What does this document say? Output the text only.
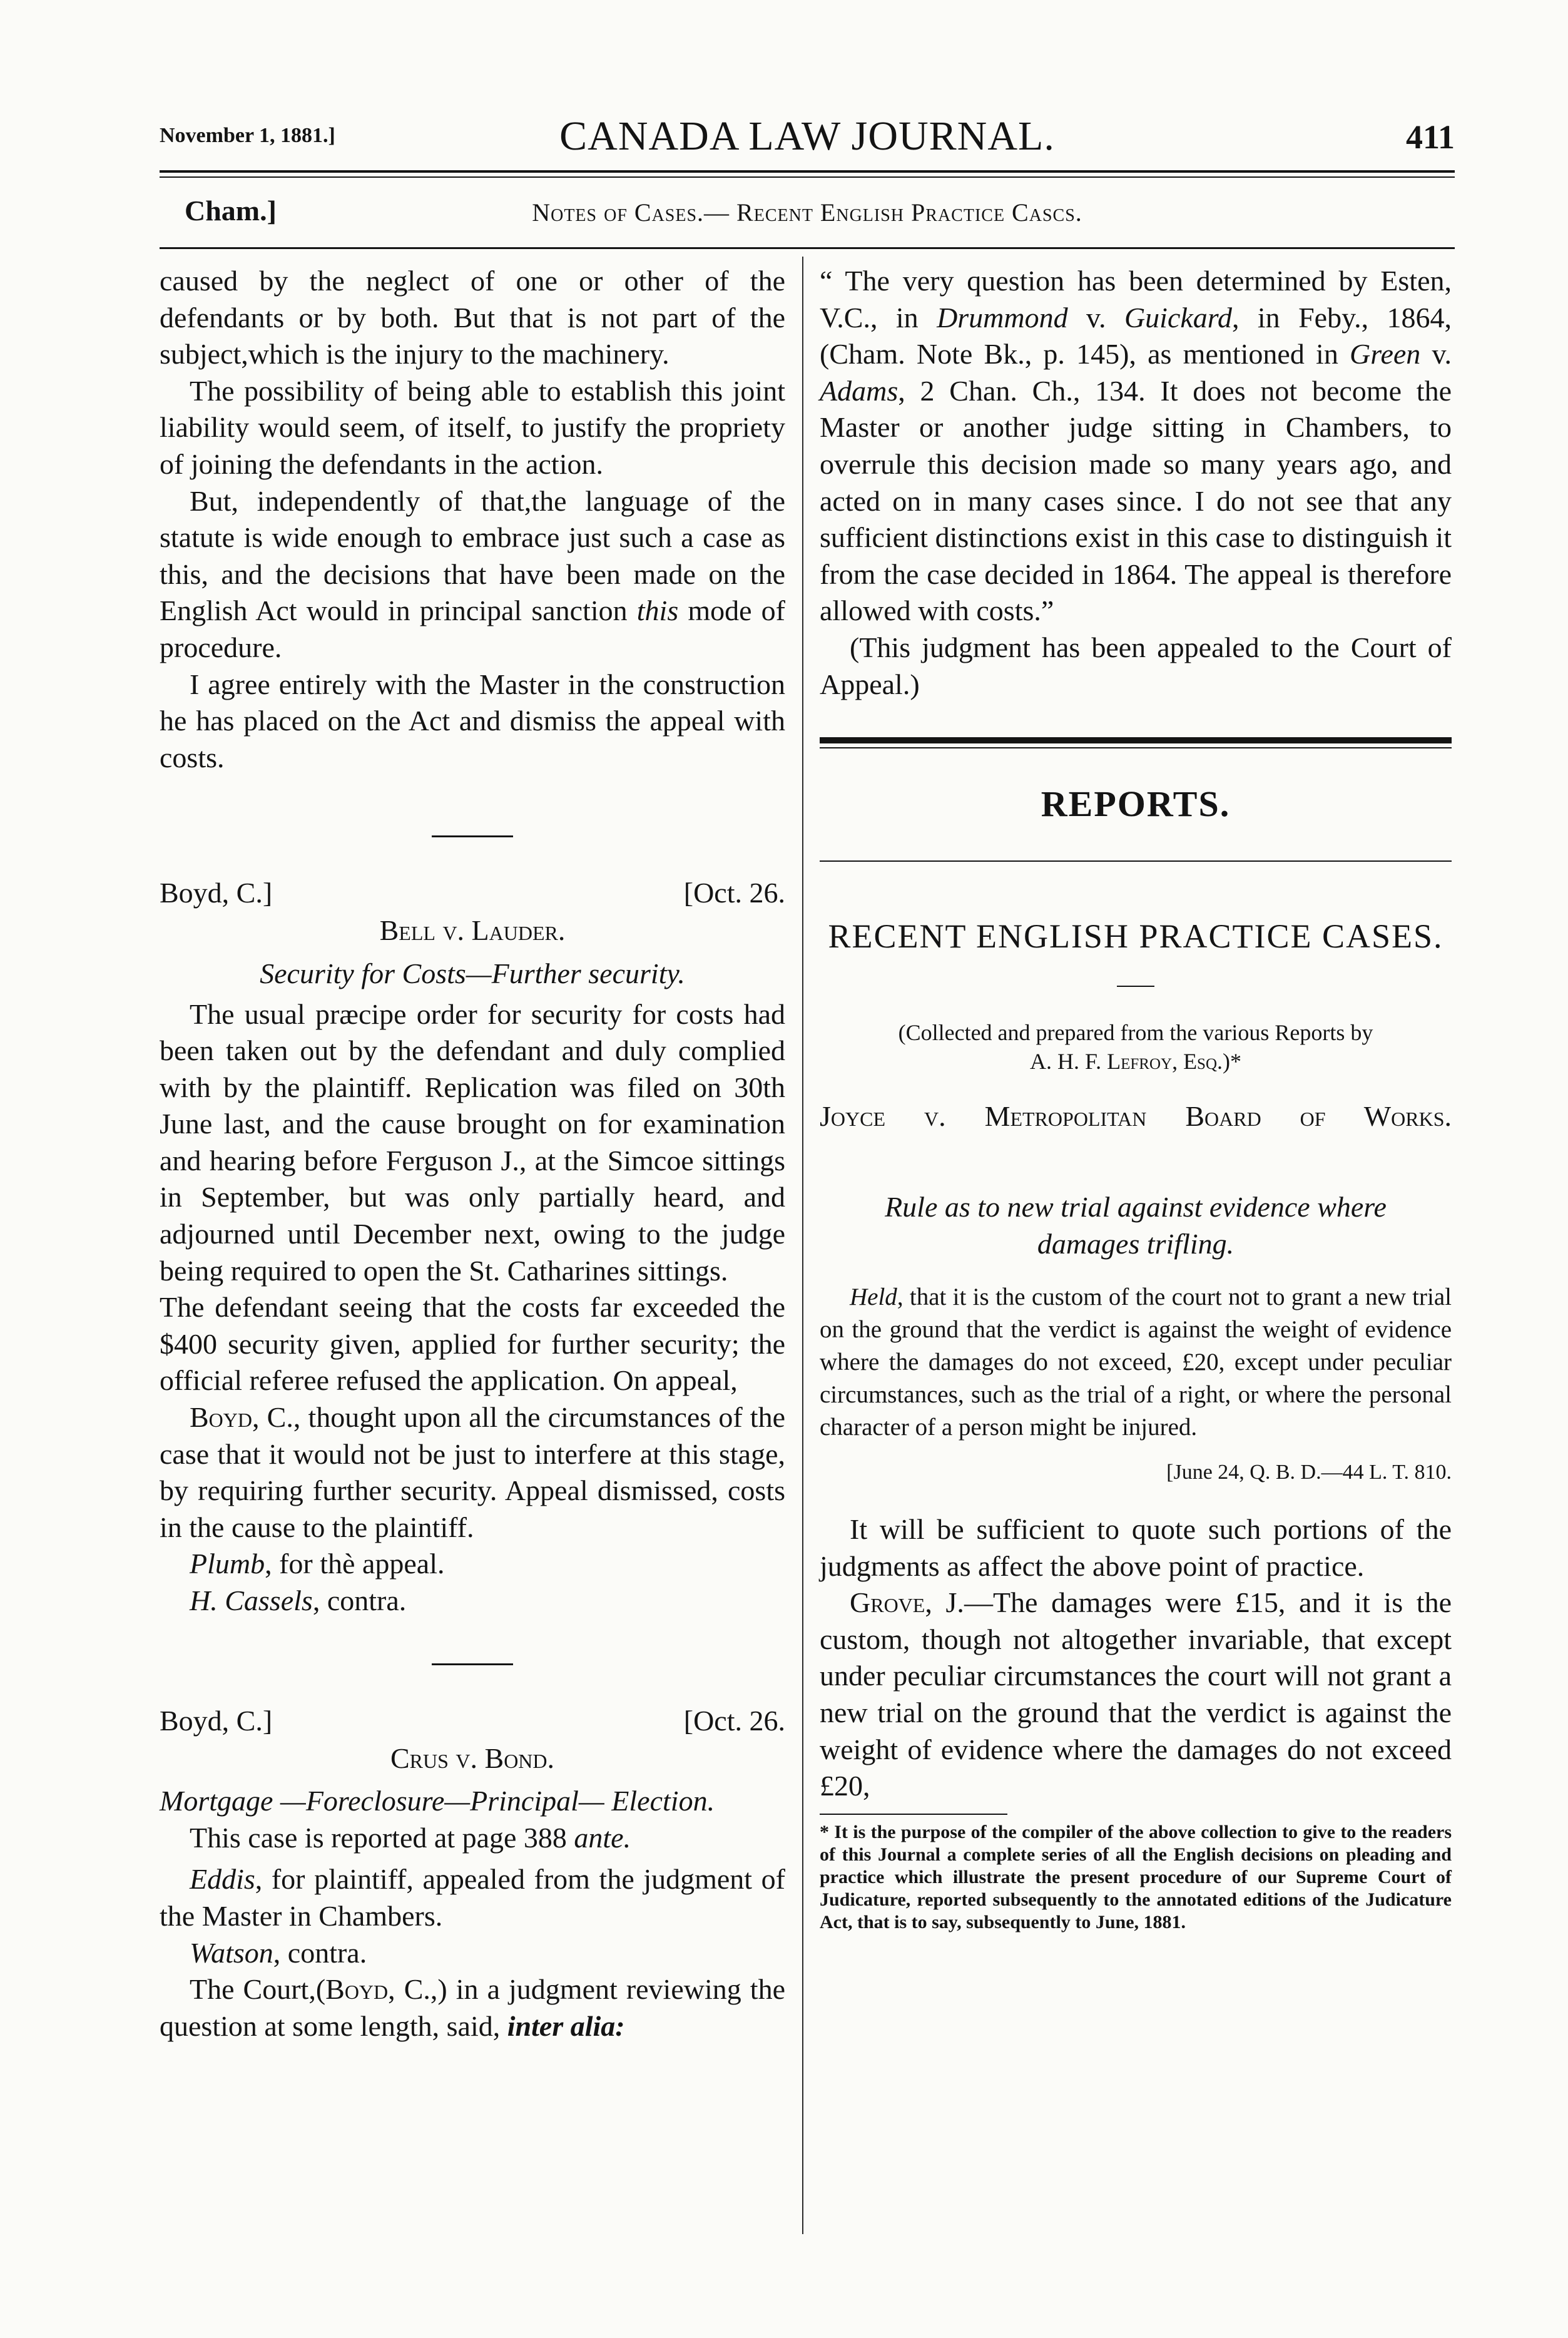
November 1, 1881.]	CANADA LAW JOURNAL.	411
Cham.]	Notes of Cases.— Recent English Practice Cascs.

caused by the neglect of one or other of the defendants or by both. But that is not part of the subject,which is the injury to the machinery.

The possibility of being able to establish this joint liability would seem, of itself, to justify the propriety of joining the defendants in the action.

But, independently of that,the language of the statute is wide enough to embrace just such a case as this, and the decisions that have been made on the English Act would in principal sanction this mode of procedure.

I agree entirely with the Master in the construction he has placed on the Act and dismiss the appeal with costs.

Boyd, C.]	[Oct. 26.

Bell v. Lauder.

Security for Costs—Further security.

The usual præcipe order for security for costs had been taken out by the defendant and duly complied with by the plaintiff. Replication was filed on 30th June last, and the cause brought on for examination and hearing before Ferguson J., at the Simcoe sittings in September, but was only partially heard, and adjourned until December next, owing to the judge being required to open the St. Catharines sittings.

The defendant seeing that the costs far exceeded the $400 security given, applied for further security; the official referee refused the application. On appeal,

Boyd, C., thought upon all the circumstances of the case that it would not be just to interfere at this stage, by requiring further security. Appeal dismissed, costs in the cause to the plaintiff.

Plumb, for thè appeal.

H. Cassels, contra.

Boyd, C.]	[Oct. 26.

Crus v. Bond.

Mortgage —Foreclosure—Principal— Election.

This case is reported at page 388 ante.

Eddis, for plaintiff, appealed from the judgment of the Master in Chambers.

Watson, contra.

The Court,(Boyd, C.,) in a judgment reviewing the question at some length, said, inter alia:

“ The very question has been determined by Esten, V.C., in Drummond v. Guickard, in Feby., 1864, (Cham. Note Bk., p. 145), as mentioned in Green v. Adams, 2 Chan. Ch., 134. It does not become the Master or another judge sitting in Chambers, to overrule this decision made so many years ago, and acted on in many cases since. I do not see that any sufficient distinctions exist in this case to distinguish it from the case decided in 1864. The appeal is therefore allowed with costs.”

(This judgment has been appealed to the Court of Appeal.)

REPORTS.
RECENT ENGLISH PRACTICE CASES.

(Collected and prepared from the various Reports by

A. H. F. Lefroy, Esq.)*

Joyce v. Metropolitan Board of Works.

Rule as to new trial against evidence where damages trifling.

Held, that it is the custom of the court not to grant a new trial on the ground that the verdict is against the weight of evidence where the damages do not exceed, £20, except under peculiar circumstances, such as the trial of a right, or where the personal character of a person might be injured.

[June 24, Q. B. D.—44 L. T. 810.

It will be sufficient to quote such portions of the judgments as affect the above point of practice.

Grove, J.—The damages were £15, and it is the custom, though not altogether invariable, that except under peculiar circumstances the court will not grant a new trial on the ground that the verdict is against the weight of evidence where the damages do not exceed £20,

* It is the purpose of the compiler of the above collection to give to the readers of this Journal a complete series of all the English decisions on pleading and practice which illustrate the present procedure of our Supreme Court of Judicature, reported subsequently to the annotated editions of the Judicature Act, that is to say, subsequently to June, 1881.
